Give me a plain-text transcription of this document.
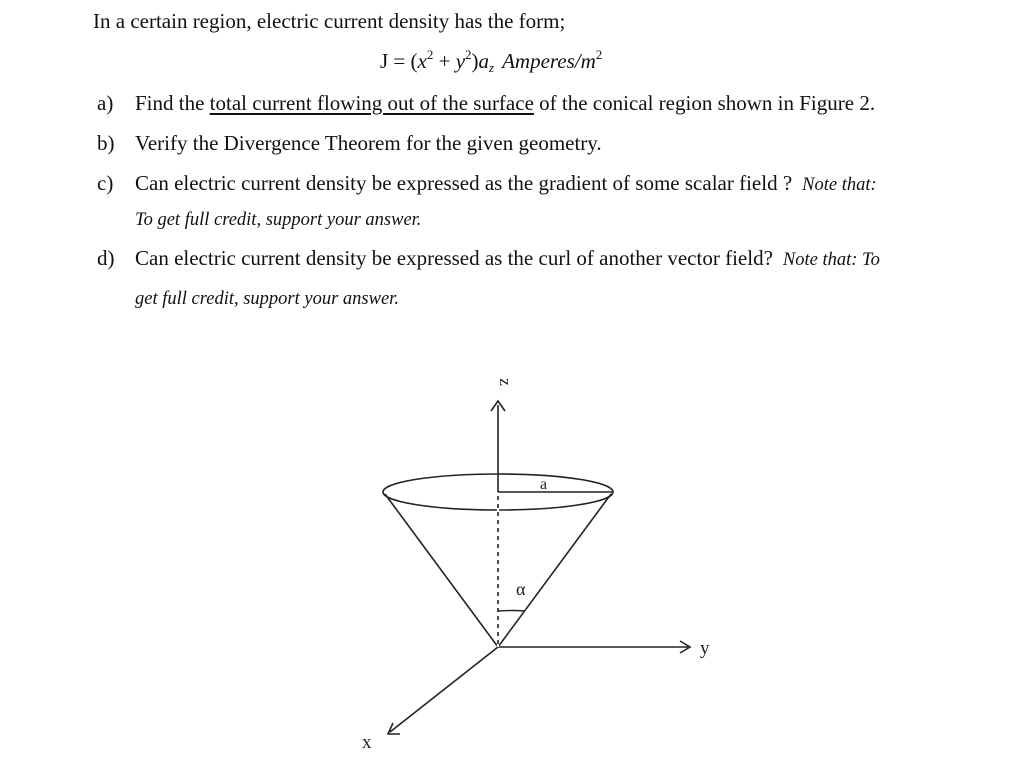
In a certain region, electric current density has the form;
$J = (x^2 + y^2)a_z$ Amperes/$m^2$
a) Find the total current flowing out of the surface of the conical region shown in Figure 2.
b) Verify the Divergence Theorem for the given geometry.
c) Can electric current density be expressed as the gradient of some scalar field ? Note that:
To get full credit, support your answer.
d) Can electric current density be expressed as the curl of another vector field? Note that: To
get full credit, support your answer.
z
y
x
a
α
